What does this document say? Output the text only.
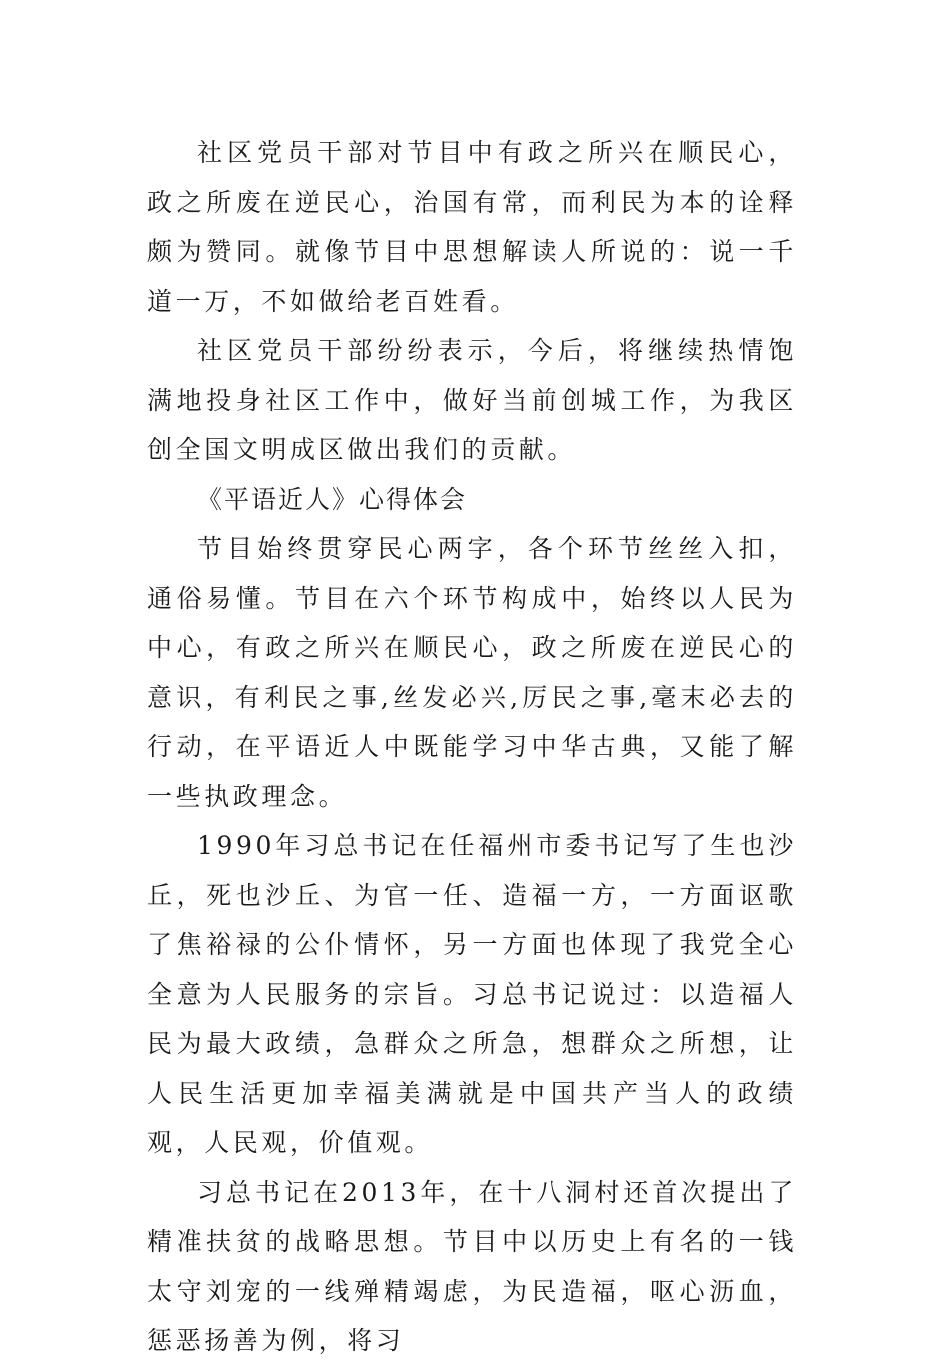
社区党员干部对节目中有政之所兴在顺民心，政之所废在逆民心，治国有常，而利民为本的诠释颇为赞同。就像节目中思想解读人所说的：说一千道一万，不如做给老百姓看。

社区党员干部纷纷表示，今后，将继续热情饱满地投身社区工作中，做好当前创城工作，为我区创全国文明成区做出我们的贡献。

《平语近人》心得体会

节目始终贯穿民心两字，各个环节丝丝入扣，通俗易懂。节目在六个环节构成中，始终以人民为中心，有政之所兴在顺民心，政之所废在逆民心的意识，有利民之事,丝发必兴,厉民之事,毫末必去的行动，在平语近人中既能学习中华古典，又能了解一些执政理念。

1990年习总书记在任福州市委书记写了生也沙丘，死也沙丘、为官一任、造福一方，一方面讴歌了焦裕禄的公仆情怀，另一方面也体现了我党全心全意为人民服务的宗旨。习总书记说过：以造福人民为最大政绩，急群众之所急，想群众之所想，让人民生活更加幸福美满就是中国共产当人的政绩观，人民观，价值观。

习总书记在2013年，在十八洞村还首次提出了精准扶贫的战略思想。节目中以历史上有名的一钱太守刘宠的一线殚精竭虑，为民造福，呕心沥血，惩恶扬善为例，将习
